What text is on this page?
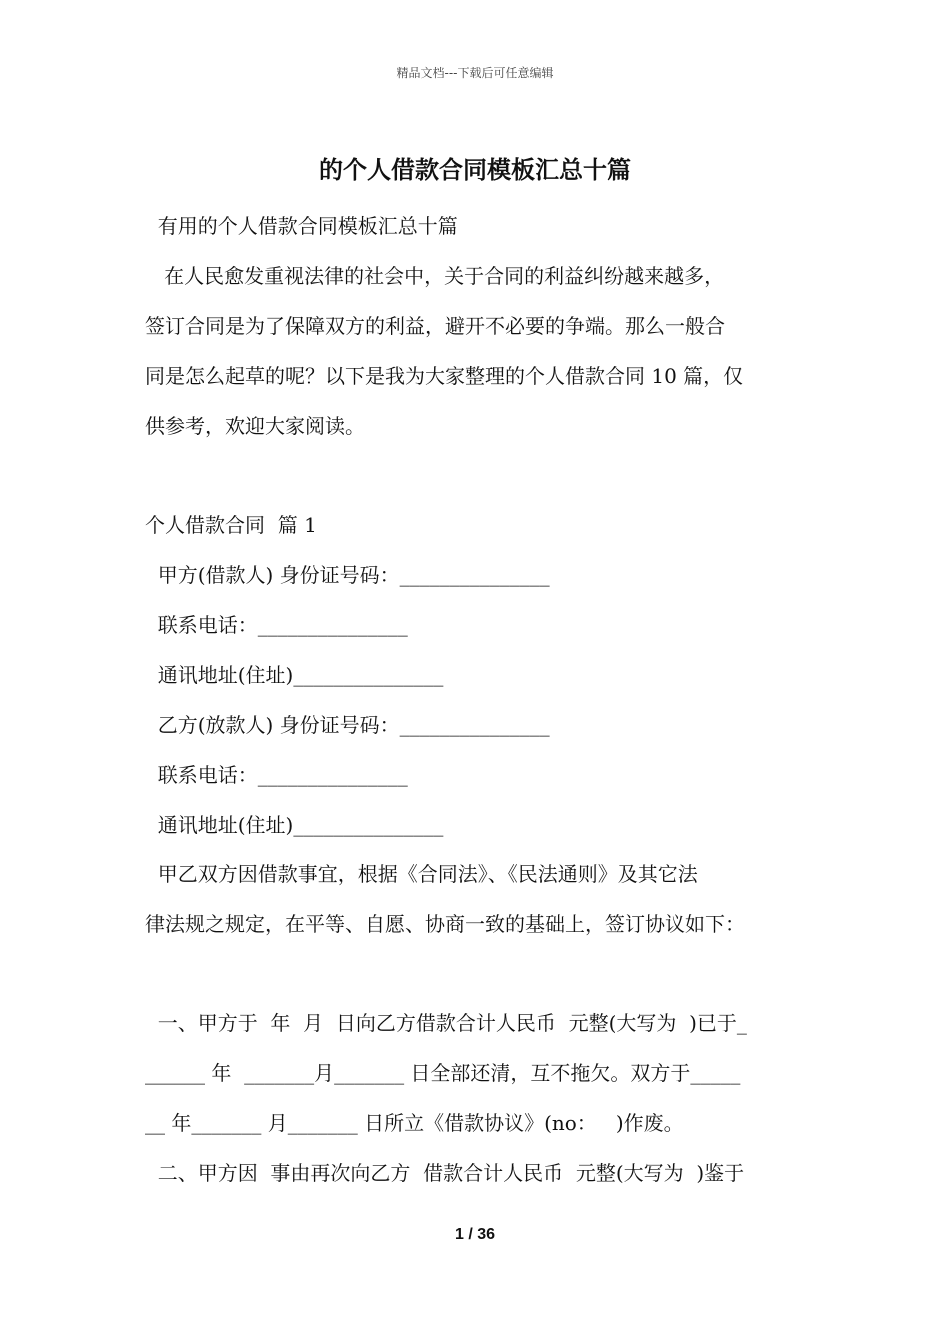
精品文档---下载后可任意编辑
的个人借款合同模板汇总十篇
有用的个人借款合同模板汇总十篇
在人民愈发重视法律的社会中，关于合同的利益纠纷越来越多，
签订合同是为了保障双方的利益，避开不必要的争端。那么一般合
同是怎么起草的呢？以下是我为大家整理的个人借款合同 10 篇，仅
供参考，欢迎大家阅读。
个人借款合同  篇 1
甲方(借款人) 身份证号码：_______________
联系电话：_______________
通讯地址(住址)_______________
乙方(放款人) 身份证号码：_______________
联系电话：_______________
通讯地址(住址)_______________
甲乙双方因借款事宜，根据《合同法》、《民法通则》及其它法
律法规之规定，在平等、自愿、协商一致的基础上，签订协议如下：
一、甲方于  年  月  日向乙方借款合计人民币  元整(大写为  )已于_
______ 年  _______月_______ 日全部还清，互不拖欠。双方于_____
__ 年_______ 月_______ 日所立《借款协议》(no：   )作废。
二、甲方因  事由再次向乙方  借款合计人民币  元整(大写为  )鉴于
1 / 36
